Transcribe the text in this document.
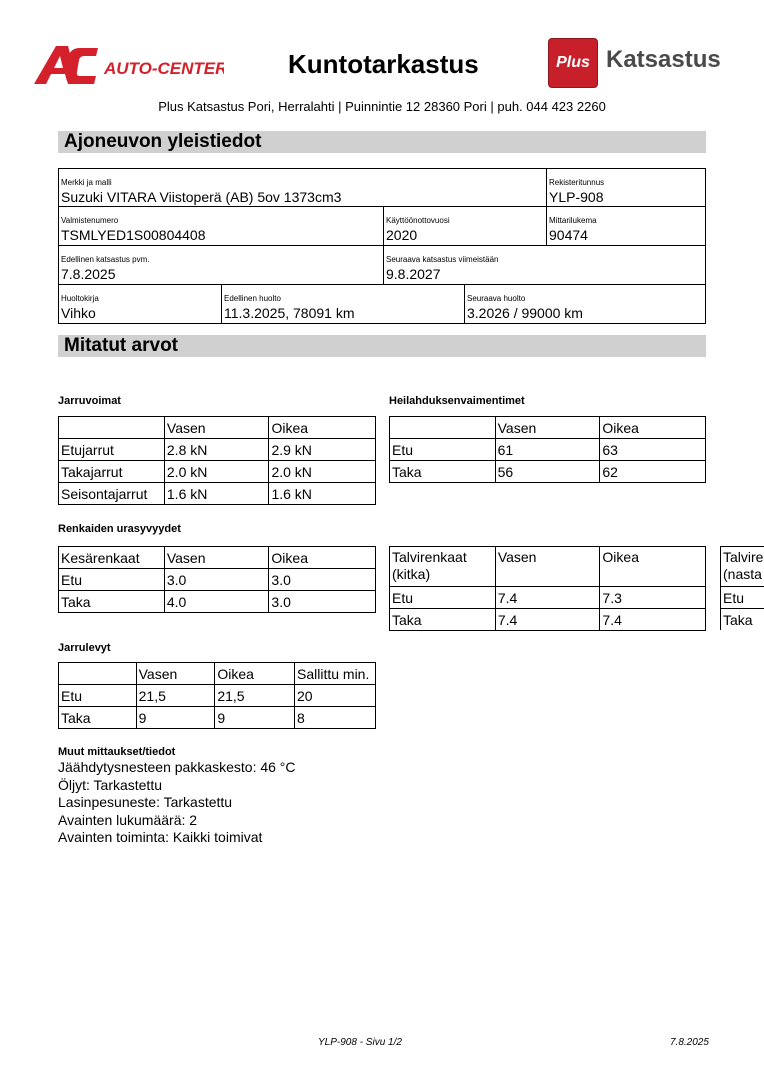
AUTO-CENTER Kuntotarkastus	Plus Katsastus
Plus Katsastus Pori, Herralahti | Puinnintie 12 28360 Pori | puh. 044 423 2260
Ajoneuvon yleistiedot
Merkki ja malli
Suzuki VITARA Viistoperä (AB) 5ov 1373cm3
Rekisteritunnus
YLP-908
Valmistenumero
TSMLYED1S00804408
Käyttöönottovuosi
2020
Mittarilukema
90474
Edellinen katsastus pvm.
7.8.2025
Seuraava katsastus viimeistään
9.8.2027
Huoltokirja
Vihko
Edellinen huolto
11.3.2025, 78091 km
Seuraava huolto
3.2026 / 99000 km
Mitatut arvot
Jarruvoimat
	Vasen	Oikea
Etujarrut	2.8 kN	2.9 kN
Takajarrut	2.0 kN	2.0 kN
Seisontajarrut	1.6 kN	1.6 kN
Heilahduksenvaimentimet
	Vasen	Oikea
Etu	61	63
Taka	56	62
Renkaiden urasyvyydet
Kesärenkaat	Vasen	Oikea
Etu	3.0	3.0
Taka	4.0	3.0
Talvirenkaat (kitka)	Vasen	Oikea
Etu	7.4	7.3
Taka	7.4	7.4
Talvire (nasta
Etu
Taka
Jarrulevyt
	Vasen	Oikea	Sallittu min.
Etu	21,5	21,5	20
Taka	9	9	8
Muut mittaukset/tiedot
Jäähdytysnesteen pakkaskesto: 46 °C
Öljyt: Tarkastettu
Lasinpesuneste: Tarkastettu
Avainten lukumäärä: 2
Avainten toiminta: Kaikki toimivat
YLP-908 - Sivu 1/2	7.8.2025
